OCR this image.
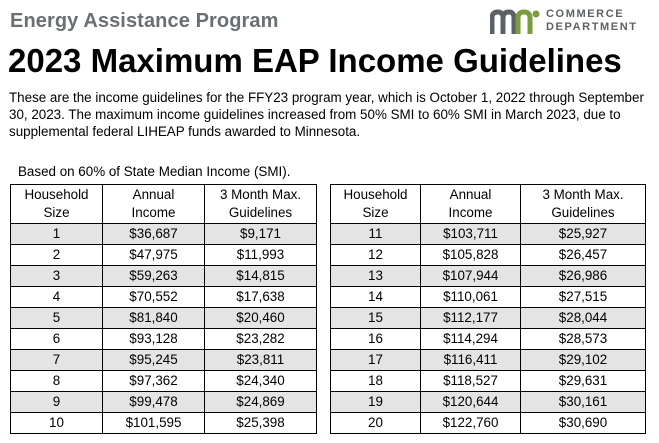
Energy Assistance Program	COMMERCE
DEPARTMENT
2023 Maximum EAP Income Guidelines
These are the income guidelines for the FFY23 program year, which is October 1, 2022 through September 30, 2023. The maximum income guidelines increased from 50% SMI to 60% SMI in March 2023, due to supplemental federal LIHEAP funds awarded to Minnesota.
Based on 60% of State Median Income (SMI).
Household
Size	Annual
Income	3 Month Max.
Guidelines		Household
Size	Annual
Income	3 Month Max.
Guidelines
1	$36,687	$9,171		11	$103,711	$25,927
2	$47,975	$11,993		12	$105,828	$26,457
3	$59,263	$14,815		13	$107,944	$26,986
4	$70,552	$17,638		14	$110,061	$27,515
5	$81,840	$20,460		15	$112,177	$28,044
6	$93,128	$23,282		16	$114,294	$28,573
7	$95,245	$23,811		17	$116,411	$29,102
8	$97,362	$24,340		18	$118,527	$29,631
9	$99,478	$24,869		19	$120,644	$30,161
10	$101,595	$25,398		20	$122,760	$30,690
